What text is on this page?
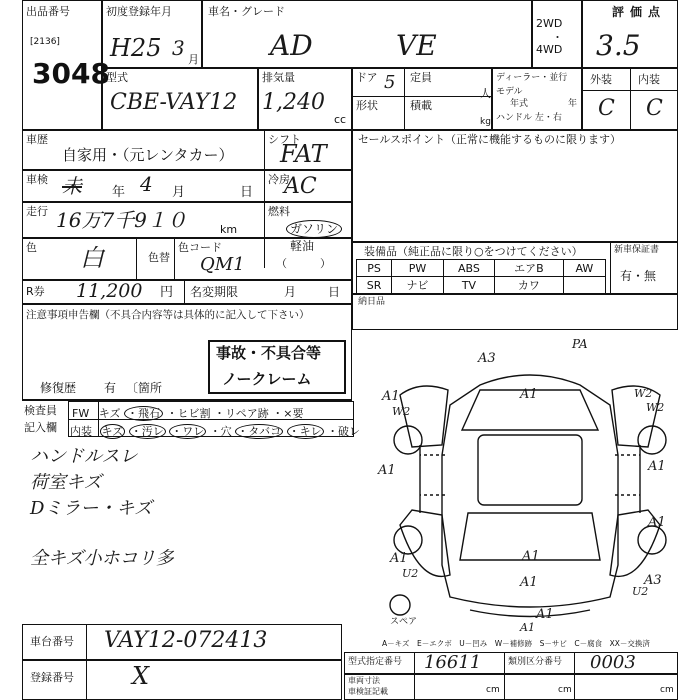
出品番号
[2136]
3048
初度登録年月
H25 3 月
車名・グレード
AD	VE
2WD
・
4WD
評価点
3.5
型式
CBE-VAY12
排気量
1,240
cc
ドア 5
形状
定員
人
積載
kg
ディーラー・並行
モデル
年式	年
ハンドル 左・右
外装 内装
C C
車歴
自家用・（元レンタカー）
シフト
FAT
車検 未 年 4 月	日
冷房
AC
走行 16万7千9１０	km
燃料
ガソリン
軽油
（　　　）
色 白	色替
色コード
QM1
R券 11,200 円 名変期限	月	日
注意事項申告欄（不具合内容等は具体的に記入して下さい）
事故・不具合等
ノークレーム
修復歴 有 〔箇所
検査員
記入欄
FW キズ ・飛石 ・ヒビ割 ・リペア跡 ・×要
内装 キズ ・汚レ ・ワレ ・穴 ・タバコ ・キレ ・破レ
ハンドルスレ
荷室キズ
Dミラー・キズ
全キズ小ホコリ多
セールスポイント（正常に機能するものに限ります）
装備品（純正品に限り○をつけてください）	新車保証書
有・無
PS	PW	ABS	エアB	AW
SR	ナビ	TV	カワ	
納日品
PA
A3
A1
W2
A1	W2
W2
A1	A1
A1
A1	A1
U2	A3
U2
A1
A1
A1
スペア
A－キズ　E－エクボ　U－凹み　W－補修跡　S－サビ　C－腐食　XX－交換済
車台番号 VAY12-072413
登録番号 X	型式指定番号 16611	類別区分番号 0003
車両寸法
車検証記載	cm	cm	cm
